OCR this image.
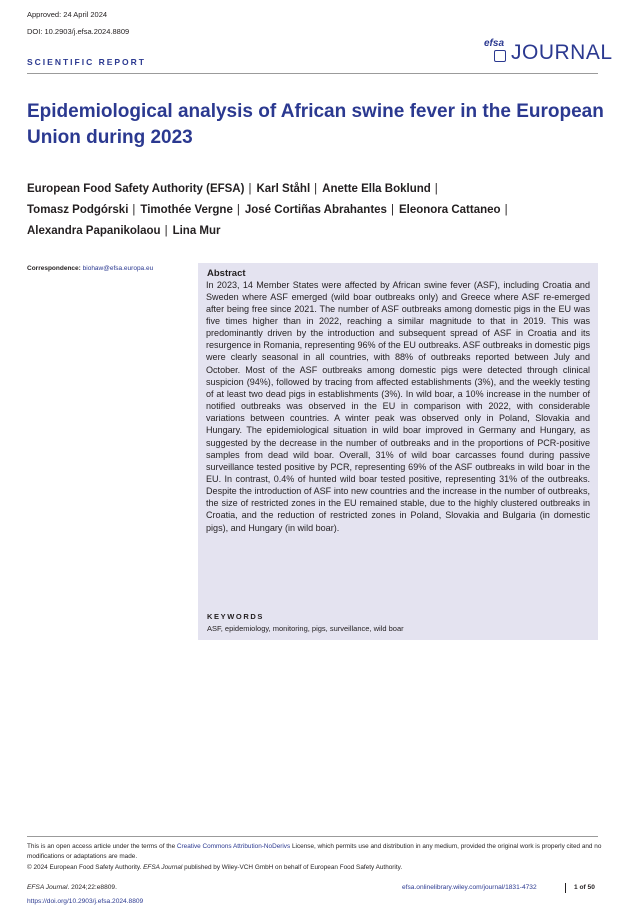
Approved: 24 April 2024
DOI: 10.2903/j.efsa.2024.8809
efsa JOURNAL
SCIENTIFIC REPORT
Epidemiological analysis of African swine fever in the European Union during 2023
European Food Safety Authority (EFSA) | Karl Ståhl | Anette Ella Boklund |
Tomasz Podgórski | Timothée Vergne | José Cortiñas Abrahantes | Eleonora Cattaneo |
Alexandra Papanikolaou | Lina Mur
Correspondence: biohaw@efsa.europa.eu	Abstract

In 2023, 14 Member States were affected by African swine fever (ASF), including Croatia and Sweden where ASF emerged (wild boar outbreaks only) and Greece where ASF re-emerged after being free since 2021. The number of ASF outbreaks among domestic pigs in the EU was five times higher than in 2022, reaching a similar magnitude to that in 2019. This was predominantly driven by the introduction and subsequent spread of ASF in Croatia and its resurgence in Romania, representing 96% of the EU outbreaks. ASF outbreaks in domestic pigs were clearly seasonal in all countries, with 88% of outbreaks reported between July and October. Most of the ASF outbreaks among domestic pigs were detected through clinical suspicion (94%), followed by tracing from affected establishments (3%), and the weekly testing of at least two dead pigs in establishments (3%). In wild boar, a 10% increase in the number of notified outbreaks was observed in the EU in comparison with 2022, with considerable variations between countries. A winter peak was observed only in Poland, Slovakia and Hungary. The epidemiological situation in wild boar improved in Germany and Hungary, as suggested by the decrease in the number of outbreaks and in the proportions of PCR-positive samples from dead wild boar. Overall, 31% of wild boar carcasses found during passive surveillance tested positive by PCR, representing 69% of the ASF outbreaks in wild boar in the EU. In contrast, 0.4% of hunted wild boar tested positive, representing 31% of the outbreaks. Despite the introduction of ASF into new countries and the increase in the number of outbreaks, the size of restricted zones in the EU remained stable, due to the highly clustered outbreaks in Croatia, and the reduction of restricted zones in Poland, Slovakia and Bulgaria (in domestic pigs), and Hungary (in wild boar).

KEYWORDS
ASF, epidemiology, monitoring, pigs, surveillance, wild boar
This is an open access article under the terms of the Creative Commons Attribution-NoDerivs License, which permits use and distribution in any medium, provided the original work is properly cited and no modifications or adaptations are made.
© 2024 European Food Safety Authority. EFSA Journal published by Wiley-VCH GmbH on behalf of European Food Safety Authority.
EFSA Journal. 2024;22:e8809.
https://doi.org/10.2903/j.efsa.2024.8809
efsa.onlinelibrary.wiley.com/journal/1831-4732	1 of 50
